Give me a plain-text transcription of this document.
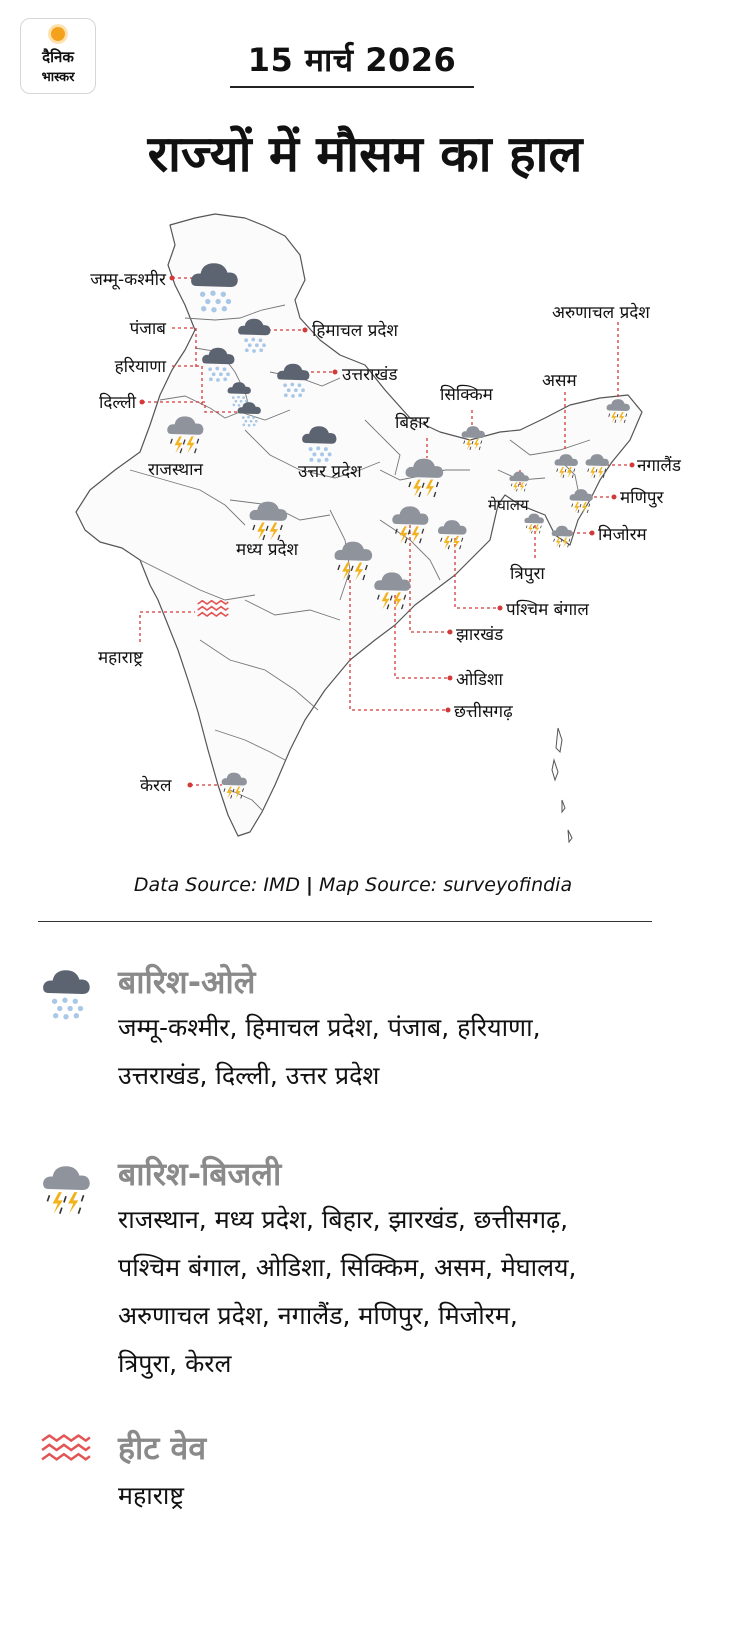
दैनिक
भास्कर	15 मार्च 2026
राज्यों में मौसम का हाल
जम्मू-कश्मीर
हिमाचल प्रदेश
पंजाब
हरियाणा
दिल्ली
उत्तराखंड
राजस्थान	उत्तर प्रदेश
बिहार
सिक्किम
असम
अरुणाचल प्रदेश
नगालैंड
मणिपुर
मिजोरम
मेघालय
त्रिपुरा
मध्य प्रदेश
पश्चिम बंगाल
झारखंड
ओडिशा
छत्तीसगढ़
महाराष्ट्र
केरल
Data Source: IMD | Map Source: surveyofindia
बारिश-ओले
जम्मू-कश्मीर, हिमाचल प्रदेश, पंजाब, हरियाणा,
उत्तराखंड, दिल्ली, उत्तर प्रदेश
बारिश-बिजली
राजस्थान, मध्य प्रदेश, बिहार, झारखंड, छत्तीसगढ़,
पश्चिम बंगाल, ओडिशा, सिक्किम, असम, मेघालय,
अरुणाचल प्रदेश, नगालैंड, मणिपुर, मिजोरम,
त्रिपुरा, केरल
हीट वेव
महाराष्ट्र
